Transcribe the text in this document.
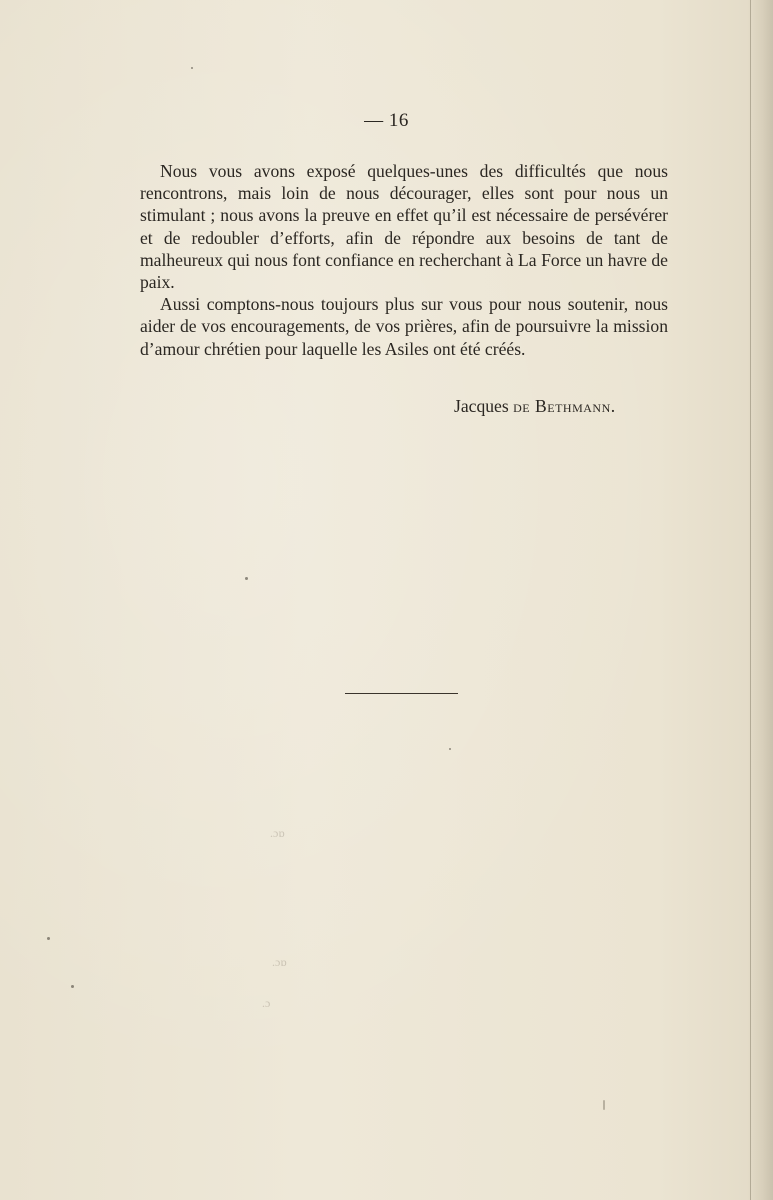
— 16

Nous vous avons exposé quelques-unes des difficultés que nous rencontrons, mais loin de nous décourager, elles sont pour nous un stimulant ; nous avons la preuve en effet qu’il est nécessaire de persévérer et de redoubler d’efforts, afin de répondre aux besoins de tant de malheureux qui nous font confiance en recherchant à La Force un havre de paix.

Aussi comptons-nous toujours plus sur vous pour nous soutenir, nous aider de vos encouragements, de vos prières, afin de poursuivre la mission d’amour chrétien pour laquelle les Asiles ont été créés.

Jacques de Bethmann.
.ɔɒ
.ɔɒ
.ɔ
